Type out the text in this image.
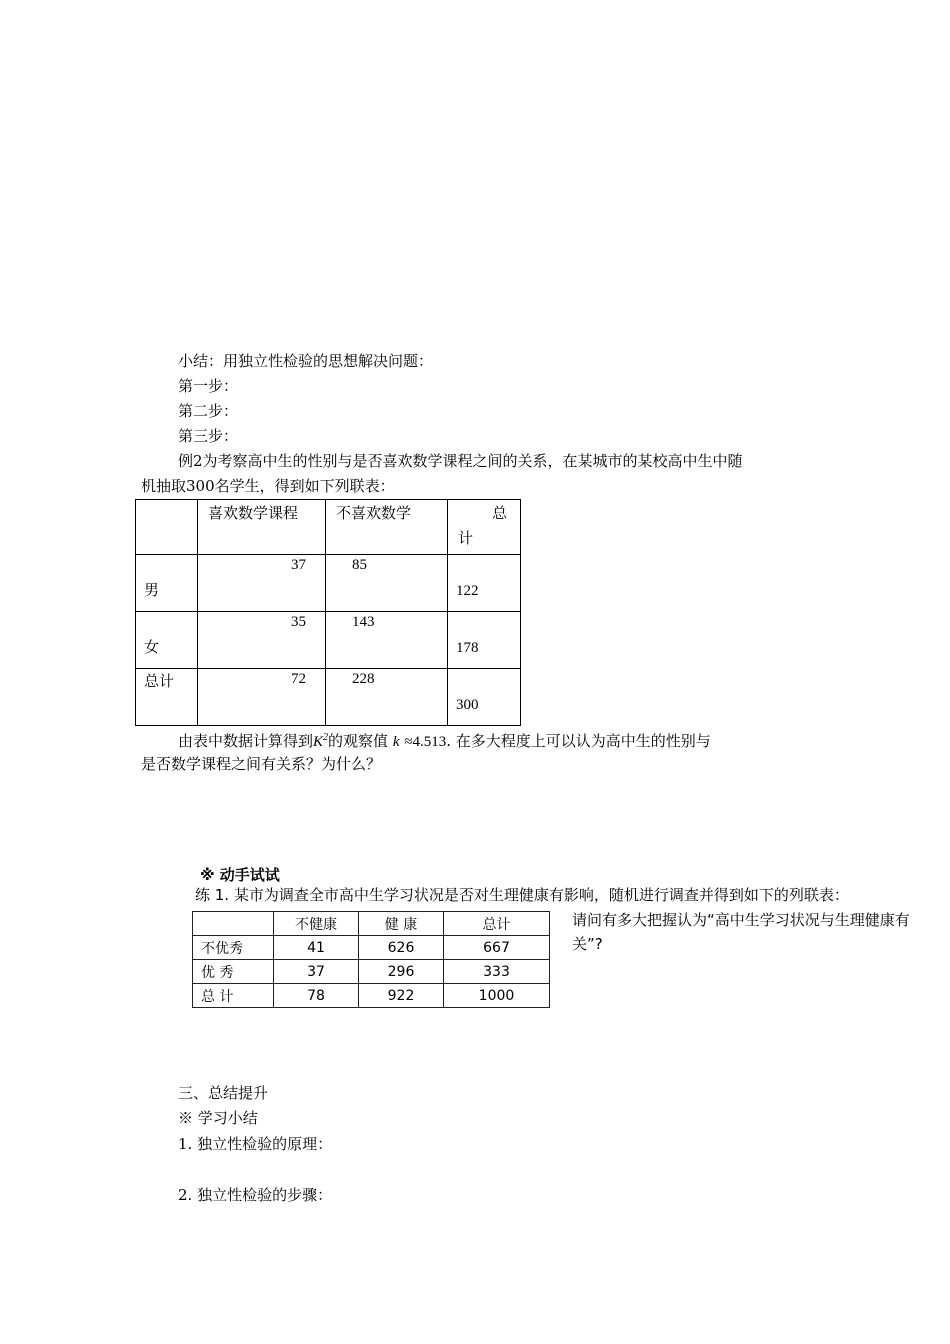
小结：用独立性检验的思想解决问题：
第一步：
第二步：
第三步：
例2为考察高中生的性别与是否喜欢数学课程之间的关系，在某城市的某校高中生中随
机抽取300名学生，得到如下列联表：

	喜欢数学课程	不喜欢数学	总
计

男	37	85	122

女	35	143	178

总计	72	228	300
由表中数据计算得到$K^2$的观察值 k ≈4.513. 在多大程度上可以认为高中生的性别与
是否数学课程之间有关系？为什么？
※ 动手试试
练 1. 某市为调查全市高中生学习状况是否对生理健康有影响，随机进行调查并得到如下的列联表：
	不健康	健 康	总计
不优秀	41	626	667
优 秀	37	296	333
总 计	78	922	1000
请问有多大把握认为“高中生学习状况与生理健康有关”?
三、总结提升
※ 学习小结
1. 独立性检验的原理：
2. 独立性检验的步骤：
